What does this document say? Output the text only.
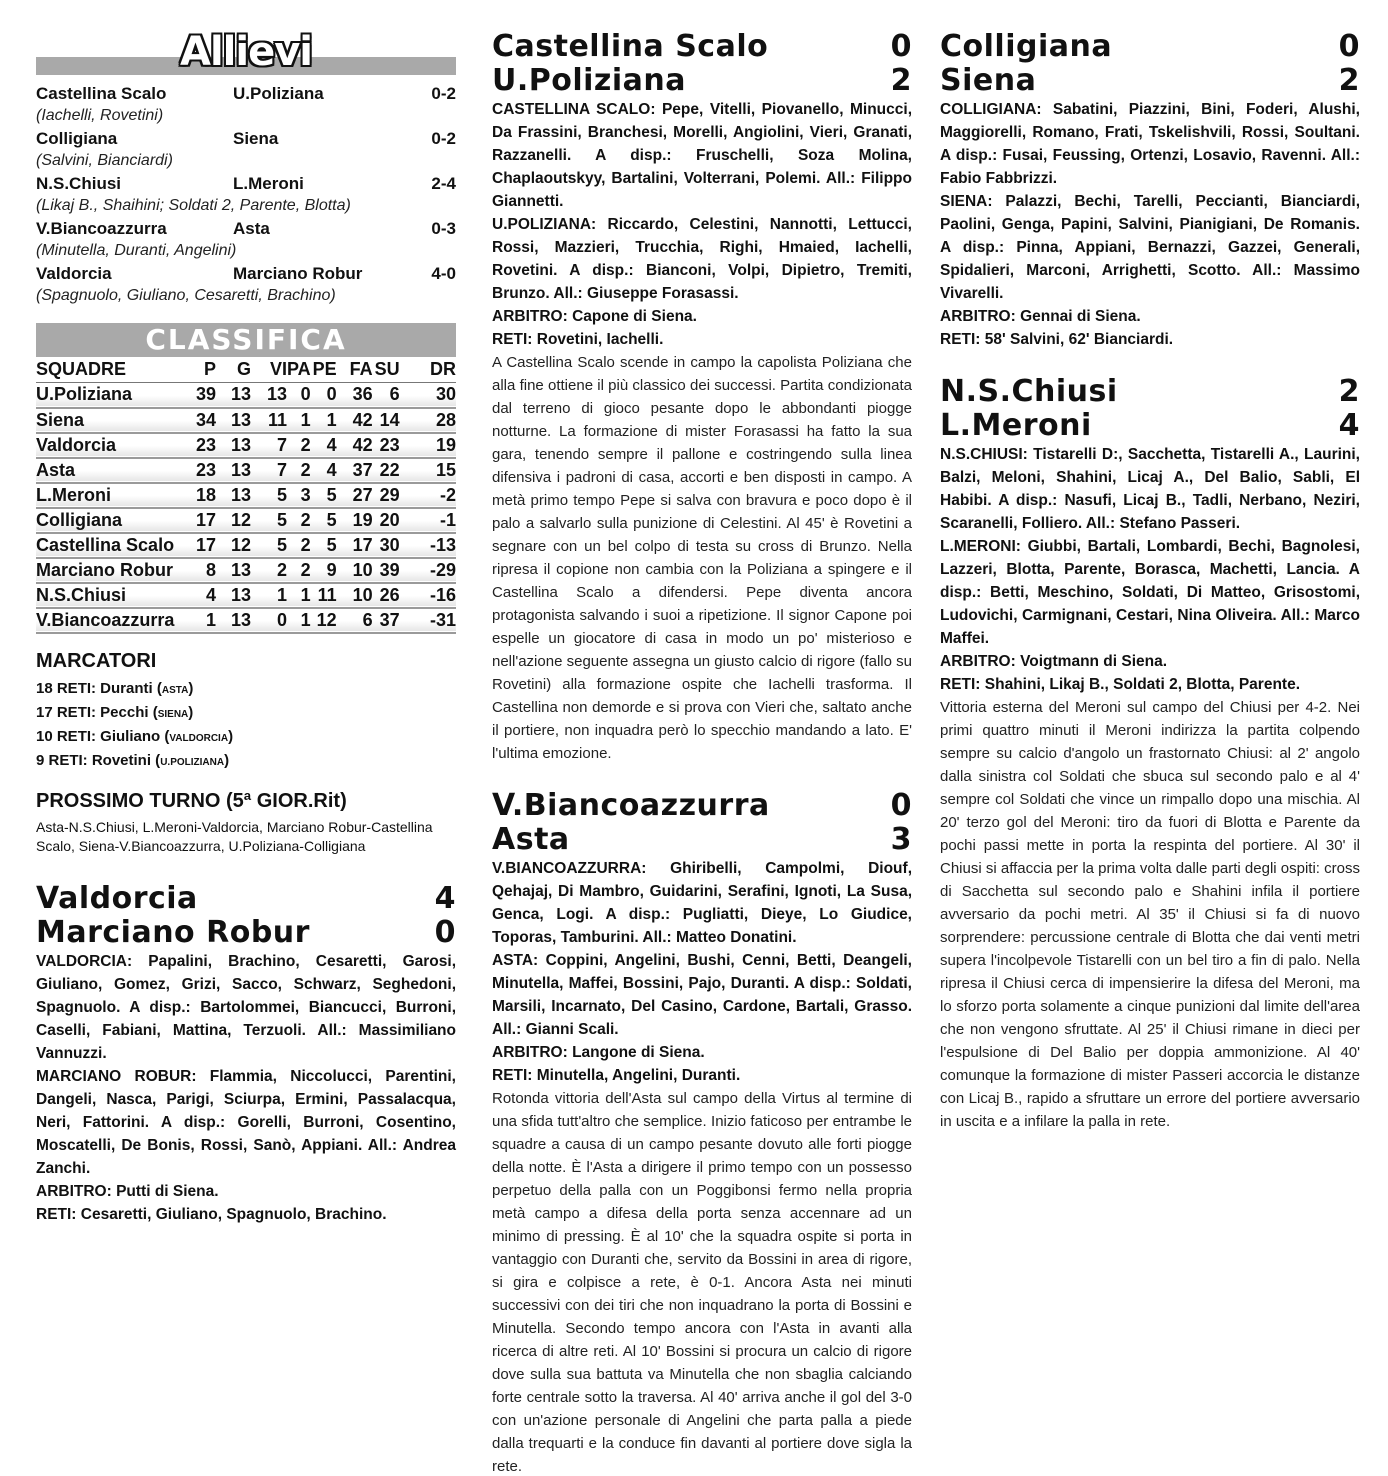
Allievi
Castellina Scalo	U.Poliziana	0-2
(Iachelli, Rovetini)
Colligiana	Siena	0-2
(Salvini, Bianciardi)
N.S.Chiusi	L.Meroni	2-4
(Likaj B., Shaihini; Soldati 2, Parente, Blotta)
V.Biancoazzurra	Asta	0-3
(Minutella, Duranti, Angelini)
Valdorcia	Marciano Robur	4-0
(Spagnuolo, Giuliano, Cesaretti, Brachino)
CLASSIFICA
SQUADRE	P	G	VI	PA	PE	FA	SU	DR
U.Poliziana	39	13	13	0	0	36	6	30
Siena	34	13	11	1	1	42	14	28
Valdorcia	23	13	7	2	4	42	23	19
Asta	23	13	7	2	4	37	22	15
L.Meroni	18	13	5	3	5	27	29	-2
Colligiana	17	12	5	2	5	19	20	-1
Castellina Scalo	17	12	5	2	5	17	30	-13
Marciano Robur	8	13	2	2	9	10	39	-29
N.S.Chiusi	4	13	1	1	11	10	26	-16
V.Biancoazzurra	1	13	0	1	12	6	37	-31
MARCATORI
18 RETI: Duranti (ASTA)
17 RETI: Pecchi (SIENA)
10 RETI: Giuliano (VALDORCIA)
9 RETI: Rovetini (U.POLIZIANA)
PROSSIMO TURNO (5ª GIOR.Rit)
Asta-N.S.Chiusi, L.Meroni-Valdorcia, Marciano Robur-Castellina Scalo, Siena-V.Biancoazzurra, U.Poliziana-Colligiana
Valdorcia	4
Marciano Robur	0
VALDORCIA: Papalini, Brachino, Cesaretti, Garosi, Giuliano, Gomez, Grizi, Sacco, Schwarz, Seghedoni, Spagnuolo. A disp.: Bartolommei, Biancucci, Burroni, Caselli, Fabiani, Mattina, Terzuoli. All.: Massimiliano Vannuzzi.
MARCIANO ROBUR: Flammia, Niccolucci, Parentini, Dangeli, Nasca, Parigi, Sciurpa, Ermini, Passalacqua, Neri, Fattorini. A disp.: Gorelli, Burroni, Cosentino, Moscatelli, De Bonis, Rossi, Sanò, Appiani. All.: Andrea Zanchi.
ARBITRO: Putti di Siena.
RETI: Cesaretti, Giuliano, Spagnuolo, Brachino.
Castellina Scalo	0
U.Poliziana	2
CASTELLINA SCALO: Pepe, Vitelli, Piovanello, Minucci, Da Frassini, Branchesi, Morelli, Angiolini, Vieri, Granati, Razzanelli. A disp.: Fruschelli, Soza Molina, Chaplaoutskyy, Bartalini, Volterrani, Polemi. All.: Filippo Giannetti.
U.POLIZIANA: Riccardo, Celestini, Nannotti, Lettucci, Rossi, Mazzieri, Trucchia, Righi, Hmaied, Iachelli, Rovetini. A disp.: Bianconi, Volpi, Dipietro, Tremiti, Brunzo. All.: Giuseppe Forasassi.
ARBITRO: Capone di Siena.
RETI: Rovetini, Iachelli.
A Castellina Scalo scende in campo la capolista Poliziana che alla fine ottiene il più classico dei successi. Partita condizionata dal terreno di gioco pesante dopo le abbondanti piogge notturne. La formazione di mister Forasassi ha fatto la sua gara, tenendo sempre il pallone e costringendo sulla linea difensiva i padroni di casa, accorti e ben disposti in campo. A metà primo tempo Pepe si salva con bravura e poco dopo è il palo a salvarlo sulla punizione di Celestini. Al 45' è Rovetini a segnare con un bel colpo di testa su cross di Brunzo. Nella ripresa il copione non cambia con la Poliziana a spingere e il Castellina Scalo a difendersi. Pepe diventa ancora protagonista salvando i suoi a ripetizione. Il signor Capone poi espelle un giocatore di casa in modo un po' misterioso e nell'azione seguente assegna un giusto calcio di rigore (fallo su Rovetini) alla formazione ospite che Iachelli trasforma. Il Castellina non demorde e si prova con Vieri che, saltato anche il portiere, non inquadra però lo specchio mandando a lato. E' l'ultima emozione.
V.Biancoazzurra	0
Asta	3
V.BIANCOAZZURRA: Ghiribelli, Campolmi, Diouf, Qehajaj, Di Mambro, Guidarini, Serafini, Ignoti, La Susa, Genca, Logi. A disp.: Pugliatti, Dieye, Lo Giudice, Toporas, Tamburini. All.: Matteo Donatini.
ASTA: Coppini, Angelini, Bushi, Cenni, Betti, Deangeli, Minutella, Maffei, Bossini, Pajo, Duranti. A disp.: Soldati, Marsili, Incarnato, Del Casino, Cardone, Bartali, Grasso. All.: Gianni Scali.
ARBITRO: Langone di Siena.
RETI: Minutella, Angelini, Duranti.
Rotonda vittoria dell'Asta sul campo della Virtus al termine di una sfida tutt'altro che semplice. Inizio faticoso per entrambe le squadre a causa di un campo pesante dovuto alle forti piogge della notte. È l'Asta a dirigere il primo tempo con un possesso perpetuo della palla con un Poggibonsi fermo nella propria metà campo a difesa della porta senza accennare ad un minimo di pressing. È al 10' che la squadra ospite si porta in vantaggio con Duranti che, servito da Bossini in area di rigore, si gira e colpisce a rete, è 0-1. Ancora Asta nei minuti successivi con dei tiri che non inquadrano la porta di Bossini e Minutella. Secondo tempo ancora con l'Asta in avanti alla ricerca di altre reti. Al 10' Bossini si procura un calcio di rigore dove sulla sua battuta va Minutella che non sbaglia calciando forte centrale sotto la traversa. Al 40' arriva anche il gol del 3-0 con un'azione personale di Angelini che parta palla a piede dalla trequarti e la conduce fin davanti al portiere dove sigla la rete.
Colligiana	0
Siena	2
COLLIGIANA: Sabatini, Piazzini, Bini, Foderi, Alushi, Maggiorelli, Romano, Frati, Tskelishvili, Rossi, Soultani. A disp.: Fusai, Feussing, Ortenzi, Losavio, Ravenni. All.: Fabio Fabbrizzi.
SIENA: Palazzi, Bechi, Tarelli, Peccianti, Bianciardi, Paolini, Genga, Papini, Salvini, Pianigiani, De Romanis. A disp.: Pinna, Appiani, Bernazzi, Gazzei, Generali, Spidalieri, Marconi, Arrighetti, Scotto. All.: Massimo Vivarelli.
ARBITRO: Gennai di Siena.
RETI: 58' Salvini, 62' Bianciardi.
N.S.Chiusi	2
L.Meroni	4
N.S.CHIUSI: Tistarelli D:, Sacchetta, Tistarelli A., Laurini, Balzi, Meloni, Shahini, Licaj A., Del Balio, Sabli, El Habibi. A disp.: Nasufi, Licaj B., Tadli, Nerbano, Neziri, Scaranelli, Folliero. All.: Stefano Passeri.
L.MERONI: Giubbi, Bartali, Lombardi, Bechi, Bagnolesi, Lazzeri, Blotta, Parente, Borasca, Machetti, Lancia. A disp.: Betti, Meschino, Soldati, Di Matteo, Grisostomi, Ludovichi, Carmignani, Cestari, Nina Oliveira. All.: Marco Maffei.
ARBITRO: Voigtmann di Siena.
RETI: Shahini, Likaj B., Soldati 2, Blotta, Parente.
Vittoria esterna del Meroni sul campo del Chiusi per 4-2. Nei primi quattro minuti il Meroni indirizza la partita colpendo sempre su calcio d'angolo un frastornato Chiusi: al 2' angolo dalla sinistra col Soldati che sbuca sul secondo palo e al 4' sempre col Soldati che vince un rimpallo dopo una mischia. Al 20' terzo gol del Meroni: tiro da fuori di Blotta e Parente da pochi passi mette in porta la respinta del portiere. Al 30' il Chiusi si affaccia per la prima volta dalle parti degli ospiti: cross di Sacchetta sul secondo palo e Shahini infila il portiere avversario da pochi metri. Al 35' il Chiusi si fa di nuovo sorprendere: percussione centrale di Blotta che dai venti metri supera l'incolpevole Tistarelli con un bel tiro a fin di palo. Nella ripresa il Chiusi cerca di impensierire la difesa del Meroni, ma lo sforzo porta solamente a cinque punizioni dal limite dell'area che non vengono sfruttate. Al 25' il Chiusi rimane in dieci per l'espulsione di Del Balio per doppia ammonizione. Al 40' comunque la formazione di mister Passeri accorcia le distanze con Licaj B., rapido a sfruttare un errore del portiere avversario in uscita e a infilare la palla in rete.
